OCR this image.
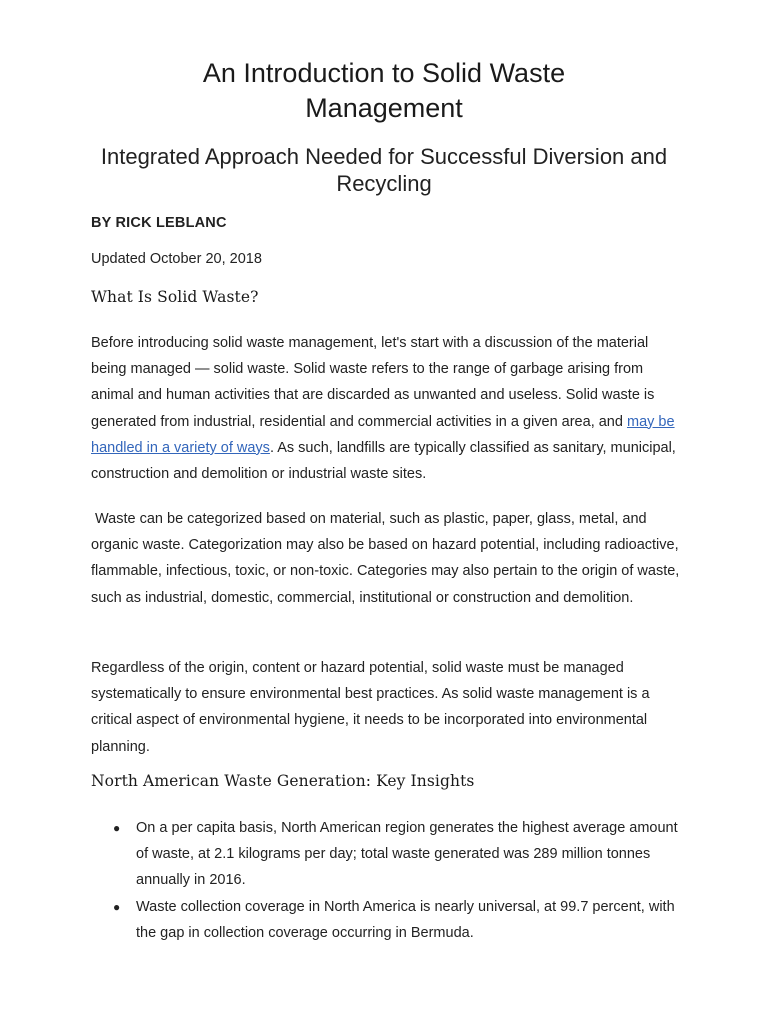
An Introduction to Solid Waste Management
Integrated Approach Needed for Successful Diversion and Recycling
BY RICK LEBLANC
Updated October 20, 2018
What Is Solid Waste?

Before introducing solid waste management, let's start with a discussion of the material being managed — solid waste. Solid waste refers to the range of garbage arising from animal and human activities that are discarded as unwanted and useless. Solid waste is generated from industrial, residential and commercial activities in a given area, and may be handled in a variety of ways. As such, landfills are typically classified as sanitary, municipal, construction and demolition or industrial waste sites.

Waste can be categorized based on material, such as plastic, paper, glass, metal, and organic waste. Categorization may also be based on hazard potential, including radioactive, flammable, infectious, toxic, or non-toxic. Categories may also pertain to the origin of waste, such as industrial, domestic, commercial, institutional or construction and demolition.

Regardless of the origin, content or hazard potential, solid waste must be managed systematically to ensure environmental best practices. As solid waste management is a critical aspect of environmental hygiene, it needs to be incorporated into environmental planning.

North American Waste Generation: Key Insights
● On a per capita basis, North American region generates the highest average amount of waste, at 2.1 kilograms per day; total waste generated was 289 million tonnes annually in 2016.
● Waste collection coverage in North America is nearly universal, at 99.7 percent, with the gap in collection coverage occurring in Bermuda.
